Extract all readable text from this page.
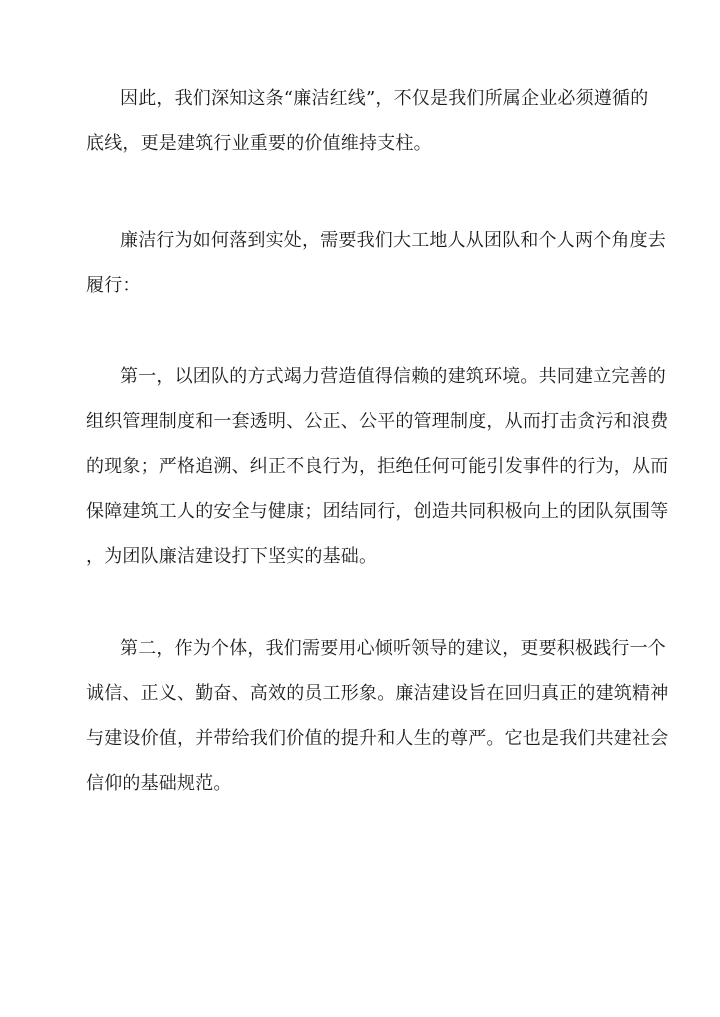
因此，我们深知这条“廉洁红线”，不仅是我们所属企业必须遵循的
底线，更是建筑行业重要的价值维持支柱。
廉洁行为如何落到实处，需要我们大工地人从团队和个人两个角度去
履行：
第一，以团队的方式竭力营造值得信赖的建筑环境。共同建立完善的
组织管理制度和一套透明、公正、公平的管理制度，从而打击贪污和浪费
的现象；严格追溯、纠正不良行为，拒绝任何可能引发事件的行为，从而
保障建筑工人的安全与健康；团结同行，创造共同积极向上的团队氛围等
，为团队廉洁建设打下坚实的基础。
第二，作为个体，我们需要用心倾听领导的建议，更要积极践行一个
诚信、正义、勤奋、高效的员工形象。廉洁建设旨在回归真正的建筑精神
与建设价值，并带给我们价值的提升和人生的尊严。它也是我们共建社会
信仰的基础规范。
